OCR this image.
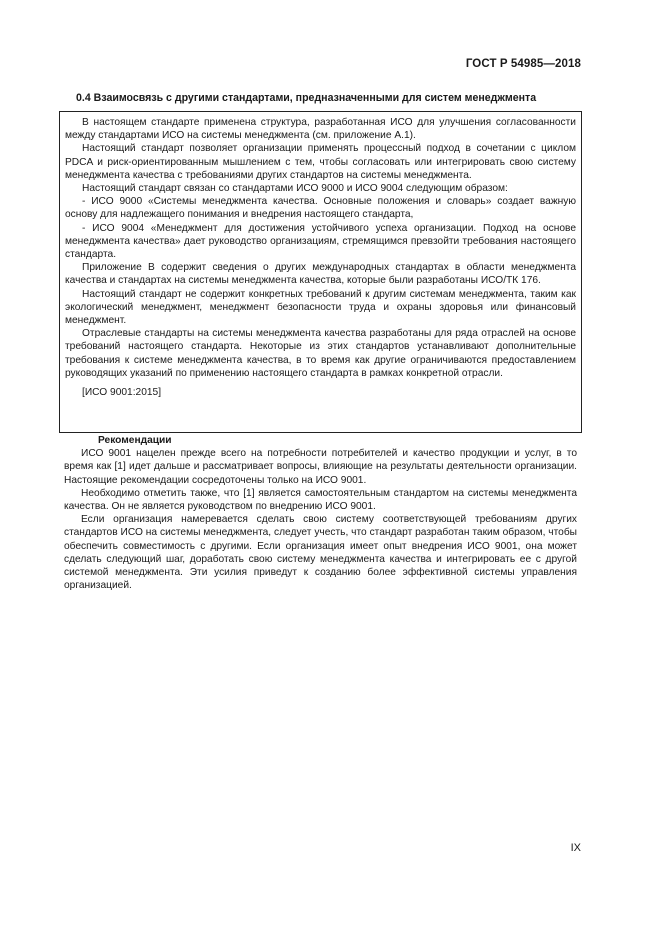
ГОСТ Р 54985—2018
0.4 Взаимосвязь с другими стандартами, предназначенными для систем менеджмента

В настоящем стандарте применена структура, разработанная ИСО для улучшения согласованности между стандартами ИСО на системы менеджмента (см. приложение А.1).

Настоящий стандарт позволяет организации применять процессный подход в сочетании с циклом PDCA и риск-ориентированным мышлением с тем, чтобы согласовать или интегрировать свою систему менеджмента качества с требованиями других стандартов на системы менеджмента.

Настоящий стандарт связан со стандартами ИСО 9000 и ИСО 9004 следующим образом:

- ИСО 9000 «Системы менеджмента качества. Основные положения и словарь» создает важную основу для надлежащего понимания и внедрения настоящего стандарта,

- ИСО 9004 «Менеджмент для достижения устойчивого успеха организации. Подход на основе менеджмента качества» дает руководство организациям, стремящимся превзойти требования настоящего стандарта.

Приложение В содержит сведения о других международных стандартах в области менеджмента качества и стандартах на системы менеджмента качества, которые были разработаны ИСО/ТК 176.

Настоящий стандарт не содержит конкретных требований к другим системам менеджмента, таким как экологический менеджмент, менеджмент безопасности труда и охраны здоровья или финансовый менеджмент.

Отраслевые стандарты на системы менеджмента качества разработаны для ряда отраслей на основе требований настоящего стандарта. Некоторые из этих стандартов устанавливают дополнительные требования к системе менеджмента качества, в то время как другие ограничиваются предоставлением руководящих указаний по применению настоящего стандарта в рамках конкретной отрасли.

[ИСО 9001:2015]

Рекомендации

ИСО 9001 нацелен прежде всего на потребности потребителей и качество продукции и услуг, в то время как [1] идет дальше и рассматривает вопросы, влияющие на результаты деятельности организации. Настоящие рекомендации сосредоточены только на ИСО 9001.

Необходимо отметить также, что [1] является самостоятельным стандартом на системы менеджмента качества. Он не является руководством по внедрению ИСО 9001.

Если организация намеревается сделать свою систему соответствующей требованиям других стандартов ИСО на системы менеджмента, следует учесть, что стандарт разработан таким образом, чтобы обеспечить совместимость с другими. Если организация имеет опыт внедрения ИСО 9001, она может сделать следующий шаг, доработать свою систему менеджмента качества и интегрировать ее с другой системой менеджмента. Эти усилия приведут к созданию более эффективной системы управления организацией.

IX
